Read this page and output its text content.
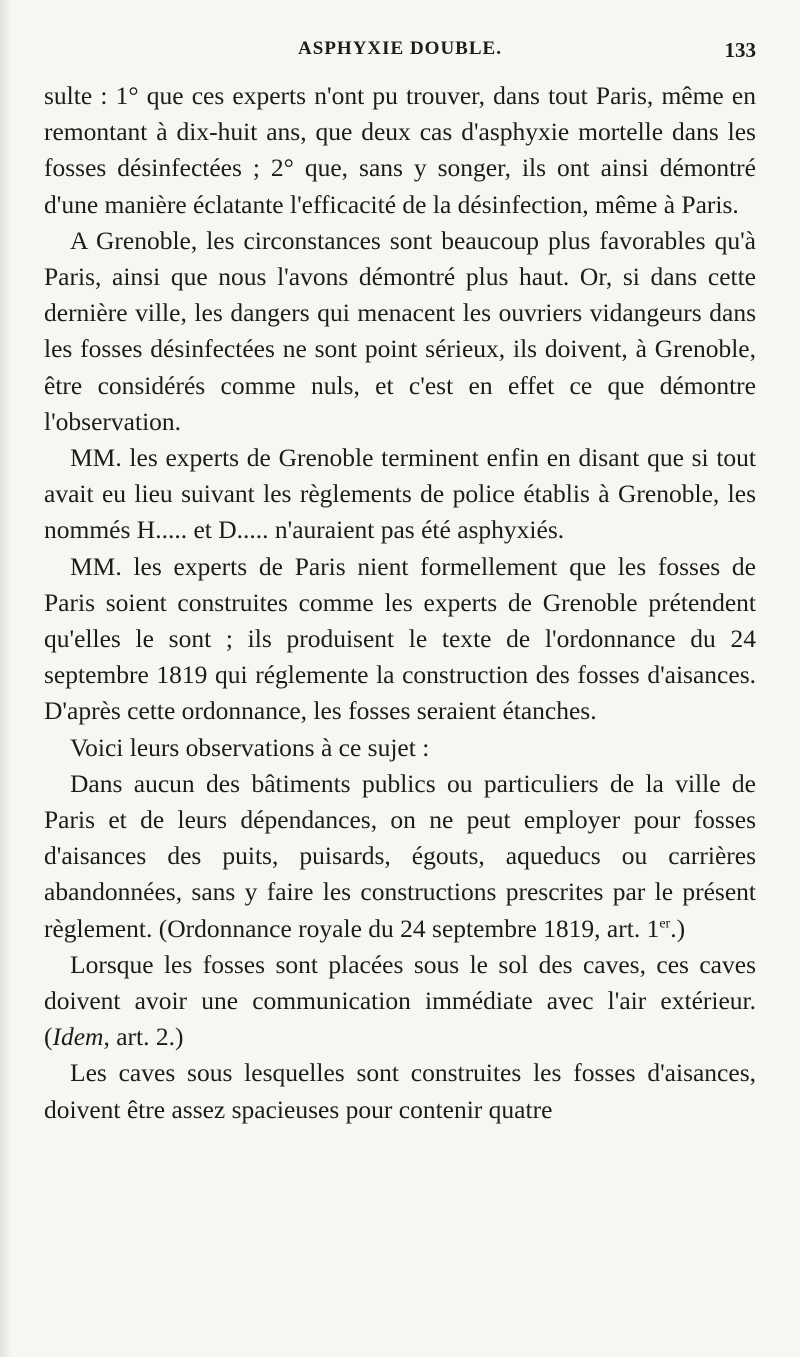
ASPHYXIE DOUBLE.	133

sulte : 1° que ces experts n'ont pu trouver, dans tout Paris, même en remontant à dix-huit ans, que deux cas d'asphyxie mortelle dans les fosses désinfectées ; 2° que, sans y songer, ils ont ainsi démontré d'une manière éclatante l'efficacité de la désinfection, même à Paris.

A Grenoble, les circonstances sont beaucoup plus favorables qu'à Paris, ainsi que nous l'avons démontré plus haut. Or, si dans cette dernière ville, les dangers qui menacent les ouvriers vidangeurs dans les fosses désinfectées ne sont point sérieux, ils doivent, à Grenoble, être considérés comme nuls, et c'est en effet ce que démontre l'observation.

MM. les experts de Grenoble terminent enfin en disant que si tout avait eu lieu suivant les règlements de police établis à Grenoble, les nommés H..... et D..... n'auraient pas été asphyxiés.

MM. les experts de Paris nient formellement que les fosses de Paris soient construites comme les experts de Grenoble prétendent qu'elles le sont ; ils produisent le texte de l'ordonnance du 24 septembre 1819 qui réglemente la construction des fosses d'aisances. D'après cette ordonnance, les fosses seraient étanches.

Voici leurs observations à ce sujet :

Dans aucun des bâtiments publics ou particuliers de la ville de Paris et de leurs dépendances, on ne peut employer pour fosses d'aisances des puits, puisards, égouts, aqueducs ou carrières abandonnées, sans y faire les constructions prescrites par le présent règlement. (Ordonnance royale du 24 septembre 1819, art. 1er.)

Lorsque les fosses sont placées sous le sol des caves, ces caves doivent avoir une communication immédiate avec l'air extérieur. (Idem, art. 2.)

Les caves sous lesquelles sont construites les fosses d'aisances, doivent être assez spacieuses pour contenir quatre
